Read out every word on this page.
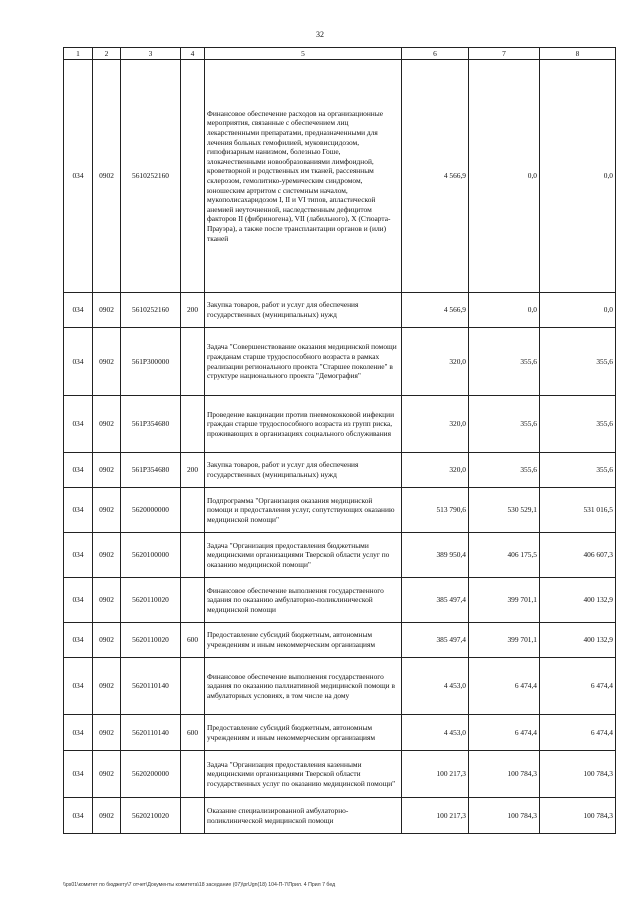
32
1	2	3	4	5	6	7	8
034	0902	5610252160		Финансовое обеспечение расходов на организационные мероприятия, связанные с обеспечением лиц лекарственными препаратами, предназначенными для лечения больных гемофилией, муковисцидозом, гипофизарным нанизмом, болезнью Гоше, злокачественными новообразованиями лимфоидной, кроветворной и родственных им тканей, рассеянным склерозом, гемолитико-уремическим синдромом, юношеским артритом с системным началом, мукополисахаридозом I, II и VI типов, апластической анемией неуточненной, наследственным дефицитом факторов II (фибриногена), VII (лабильного), X (Стюарта-Прауэра), а также после трансплантации органов и (или) тканей	4 566,9	0,0	0,0
034	0902	5610252160	200	Закупка товаров, работ и услуг для обеспечения государственных (муниципальных) нужд	4 566,9	0,0	0,0
034	0902	561P300000		Задача "Совершенствование оказания медицинской помощи гражданам старше трудоспособного возраста в рамках реализации регионального проекта "Старшее поколение" в структуре национального проекта "Демография"	320,0	355,6	355,6
034	0902	561P354680		Проведение вакцинации против пневмококковой инфекции граждан старше трудоспособного возраста из групп риска, проживающих в организациях социального обслуживания	320,0	355,6	355,6
034	0902	561P354680	200	Закупка товаров, работ и услуг для обеспечения государственных (муниципальных) нужд	320,0	355,6	355,6
034	0902	5620000000		Подпрограмма "Организация оказания медицинской помощи и предоставления услуг, сопутствующих оказанию медицинской помощи"	513 790,6	530 529,1	531 016,5
034	0902	5620100000		Задача "Организация предоставления бюджетными медицинскими организациями Тверской области услуг по оказанию медицинской помощи"	389 950,4	406 175,5	406 607,3
034	0902	5620110020		Финансовое обеспечение выполнения государственного задания по оказанию амбулаторно-поликлинической медицинской помощи	385 497,4	399 701,1	400 132,9
034	0902	5620110020	600	Предоставление субсидий бюджетным, автономным учреждениям и иным некоммерческим организациям	385 497,4	399 701,1	400 132,9
034	0902	5620110140		Финансовое обеспечение выполнения государственного задания по оказанию паллиативной медицинской помощи в амбулаторных условиях, в том числе на дому	4 453,0	6 474,4	6 474,4
034	0902	5620110140	600	Предоставление субсидий бюджетным, автономным учреждениям и иным некоммерческим организациям	4 453,0	6 474,4	6 474,4
034	0902	5620200000		Задача "Организация предоставления казенными медицинскими организациями Тверской области государственных услуг по оказанию медицинской помощи"	100 217,3	100 784,3	100 784,3
034	0902	5620210020		Оказание специализированной амбулаторно-поликлинической медицинской помощи	100 217,3	100 784,3	100 784,3
\\ps01\комитет по бюджету\7 отчет\Документы комитета\18 заседание (07)\prUgn(18) 104-П-7\Прил. 4 Прил 7 бед
